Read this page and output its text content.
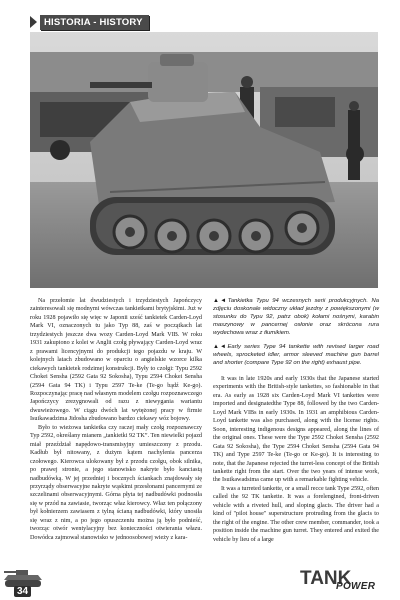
HISTORIA - HISTORY

Na przełomie lat dwudziestych i trzydziestych Japończycy zainteresowali się modnymi wówczas tankietkami brytyjskimi. Już w roku 1928 pojawiło się więc w Japonii sześć tankietek Carden-Loyd Mark VI, oznaczonych tu jako Typ 88, zaś w początkach lat trzydziestych jeszcze dwa wozy Carden-Loyd Mark VIB. W roku 1931 zakupiono z kolei w Anglii czołg pływający Carden-Loyd wraz z prawami licencyjnymi do produkcji tego pojazdu w kraju. W kolejnych latach zbudowano w oparciu o angielskie wzorce kilka ciekawych tankietek rodzimej konstrukcji. Były to czołgi: Typu 2592 Chokei Sensha (2592 Gata 92 Sokosha), Typu 2594 Chokei Sensha (2594 Gata 94 TK) i Typu 2597 Te-ke (Te-go bądź Ke-go). Rozpoczynając pracę nad własnym modelem czołgu rozpoznawczego Japończycy zrezygnowali od razu z niewygania wariantu dwuwieżowego. W ciągu dwóch lat wytężonej pracy w firmie Isuikawadzima Jidosha zbudowano bardzo ciekawy wóz bojowy.

Było to wieżowa tankietka czy raczej mały czołg rozpoznawczy Typ 2592, określany mianem „tankietki 92 TK”. Ten niewielki pojazd miał przeździał napędowo-transmisyjny umieszczony z przodu. Kadłub był nitowany, z dużym kątem nachylenia pancerza czołowego. Kierowca ulokowany był z przodu czołgu, obok silnika, po prawej stronie, a jego stanowisko nakryte było kanciastą nadbudówką. W jej przedniej i bocznych ściankach znajdowały się przyrządy obserwacyjne nakryte wąskimi przesłonami pancernymi ze szczelinami obserwacyjnymi. Górna płyta tej nadbudówki podnosiła się w przód na zawiasie, tworząc właz kierowcy. Właz ten połączony był kołnierzem zawiasem z tylną ścianą nadbudówki, który unosiła się wraz z nim, a po jego opuszczeniu można ją było podnieść, tworząc otwór wentylacyjny bez konieczności otwierania włazu. Dowódca zajmował stanowisko w jednoosobowej wieży z kara-

▲◄ Tankietka Typu 94 wczesnych serii produkcyjnych. Na zdjęciu doskonale widoczny układ jezdny z powiększonymi (w stosunku do Typu 92, patrz obok) kołami nośnymi, karabin maszynowy w pancernej osłonie oraz skrócona rura wydechowa wraz z tłumikiem.
▲◄ Early series Type 94 tankette with revised larger road wheels, sprocketed idler, armor sleeved machine gun barrel and shorter (compare Type 92 on the right) exhaust pipe.

It was in late 1920s and early 1930s that the Japanese started experiments with the British-style tankettes, so fashionable in that era. As early as 1928 six Carden-Loyd Mark VI tankettes were imported and designatedthe Type 88, followed by the two Carden-Loyd Mark VIBs in early 1930s. In 1931 an amphibious Carden-Loyd tankette was also purchased, along with the license rights. Soon, interesting indigenous designs appeared, along the lines of the original ones. These were the Type 2592 Chokei Sensha (2592 Gata 92 Sokosha), the Type 2594 Chokei Sensha (2594 Gata 94 TK) and Type 2597 Te-ke (Te-go or Ke-go). It is interesting to note, that the Japanese rejected the turret-less concept of the British tankette right from the start. Over the two years of intense work, the Isuikawadsima came up with a remarkable fighting vehicle.

It was a turreted tankette, or a small recce tank Type 2592, often called the 92 TK tankette. It was a forelengined, front-driven vehicle with a riveted hull, and sloping glacis. The driver had a kind of "pilot house" superstructure protruding from the glacis to the right of the engine. The other crew member, commander, took a position inside the machine gun turret. They entered and exited the vehicle by lieu of a large

34
TANK
POWER
